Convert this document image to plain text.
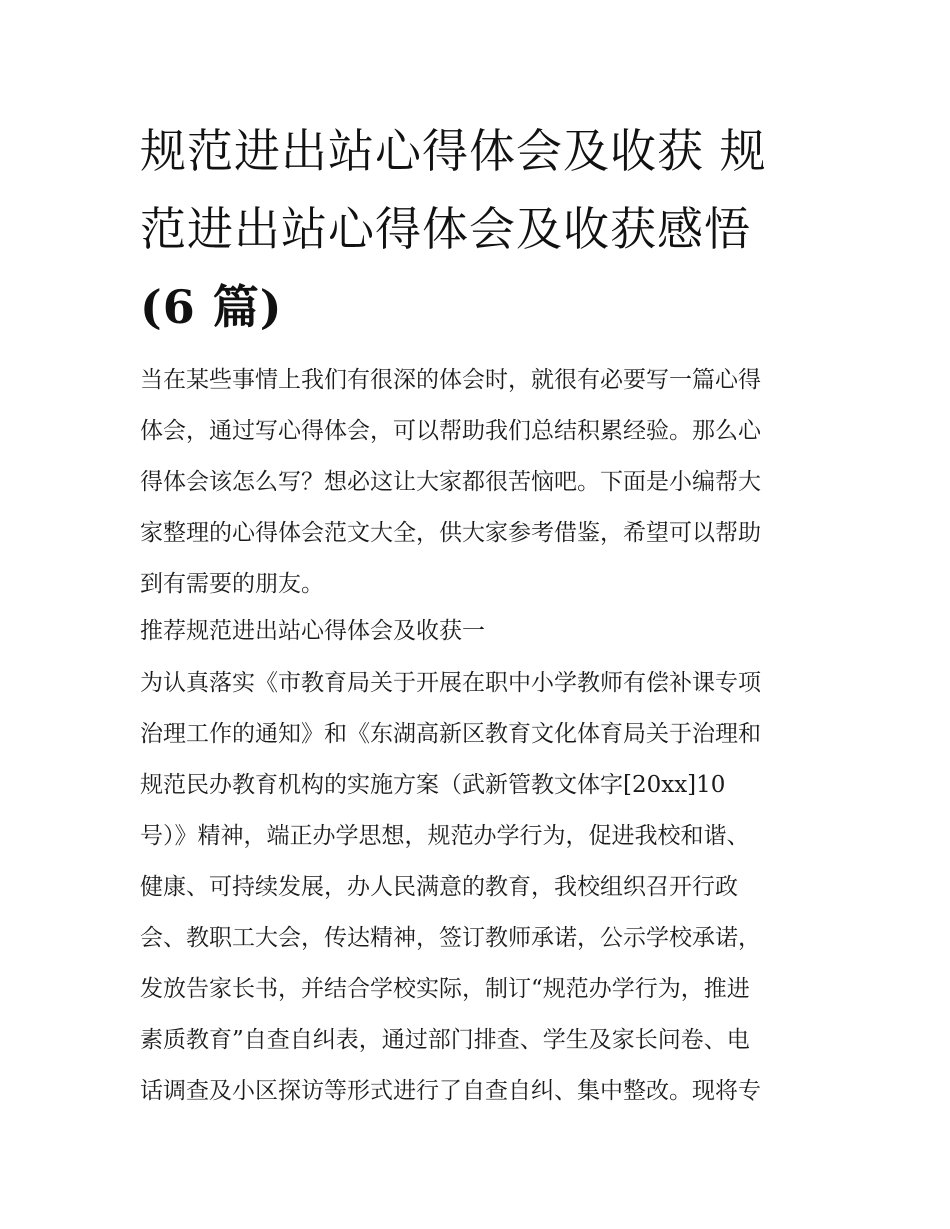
规范进出站心得体会及收获 规
范进出站心得体会及收获感悟
(6 篇)
当在某些事情上我们有很深的体会时，就很有必要写一篇心得
体会，通过写心得体会，可以帮助我们总结积累经验。那么心
得体会该怎么写？想必这让大家都很苦恼吧。下面是小编帮大
家整理的心得体会范文大全，供大家参考借鉴，希望可以帮助
到有需要的朋友。
推荐规范进出站心得体会及收获一
为认真落实《市教育局关于开展在职中小学教师有偿补课专项
治理工作的通知》和《东湖高新区教育文化体育局关于治理和
规范民办教育机构的实施方案（武新管教文体字[20xx]10
号）》精神，端正办学思想，规范办学行为，促进我校和谐、
健康、可持续发展，办人民满意的教育，我校组织召开行政
会、教职工大会，传达精神，签订教师承诺，公示学校承诺，
发放告家长书，并结合学校实际，制订“规范办学行为，推进
素质教育”自查自纠表，通过部门排查、学生及家长问卷、电
话调查及小区探访等形式进行了自查自纠、集中整改。现将专
